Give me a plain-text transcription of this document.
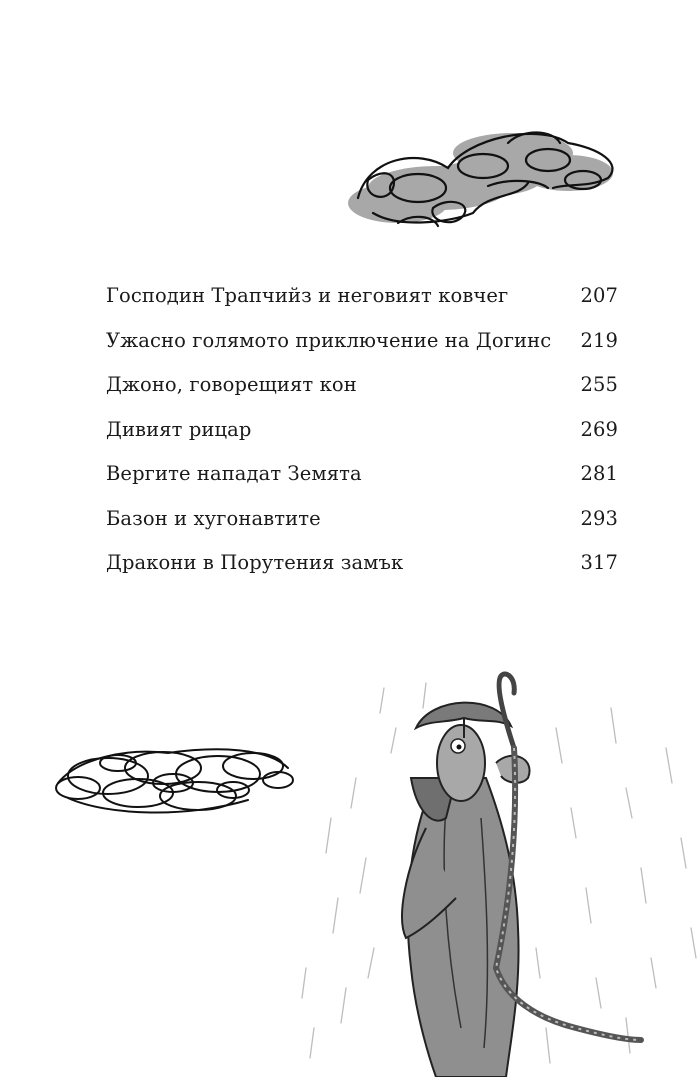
Господин Трапчийз и неговият ковчег	207
Ужасно голямото приключение на Догинс 219
Джоно, говорещият кон	255
Дивият рицар	269
Вергите нападат Земята	281
Базон и хугонавтите	293
Дракони в Порутения замък	317
